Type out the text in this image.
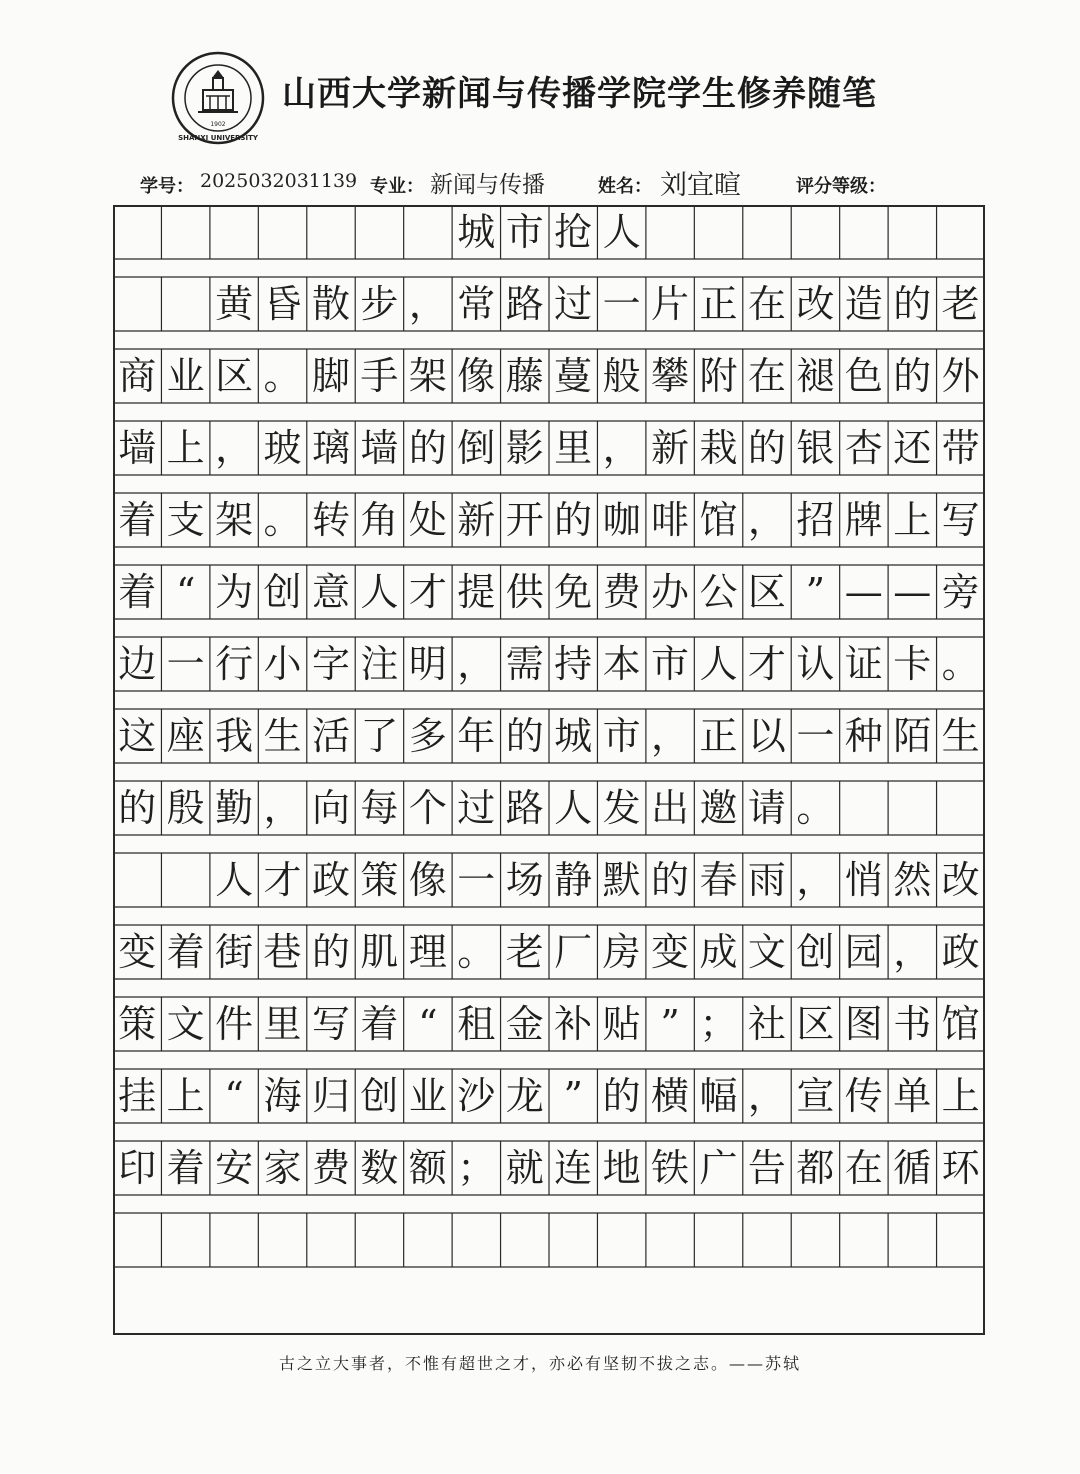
1902
SHANXI UNIVERSITY
山西大学新闻与传播学院学生修养随笔
学号： 2025032031139 专业： 新闻与传播	姓名： 刘宜暄	评分等级：
城 市 抢 人
黄 昏 散 步 ， 常 路 过 一 片 正 在 改 造 的 老
商 业 区 。 脚 手 架 像 藤 蔓 般 攀 附 在 褪 色 的 外
墙 上 ， 玻 璃 墙 的 倒 影 里 ， 新 栽 的 银 杏 还 带
着 支 架 。 转 角 处 新 开 的 咖 啡 馆 ， 招 牌 上 写
着 “ 为 创 意 人 才 提 供 免 费 办 公 区 ” — — 旁
边 一 行 小 字 注 明 ， 需 持 本 市 人 才 认 证 卡 。
这 座 我 生 活 了 多 年 的 城 市 ， 正 以 一 种 陌 生
的 殷 勤 ， 向 每 个 过 路 人 发 出 邀 请 。
人 才 政 策 像 一 场 静 默 的 春 雨 ， 悄 然 改
变 着 街 巷 的 肌 理 。 老 厂 房 变 成 文 创 园 ， 政
策 文 件 里 写 着 “ 租 金 补 贴 ” ； 社 区 图 书 馆
挂 上 “ 海 归 创 业 沙 龙 ” 的 横 幅 ， 宣 传 单 上
印 着 安 家 费 数 额 ； 就 连 地 铁 广 告 都 在 循 环
古之立大事者，不惟有超世之才，亦必有坚韧不拔之志。——苏轼
